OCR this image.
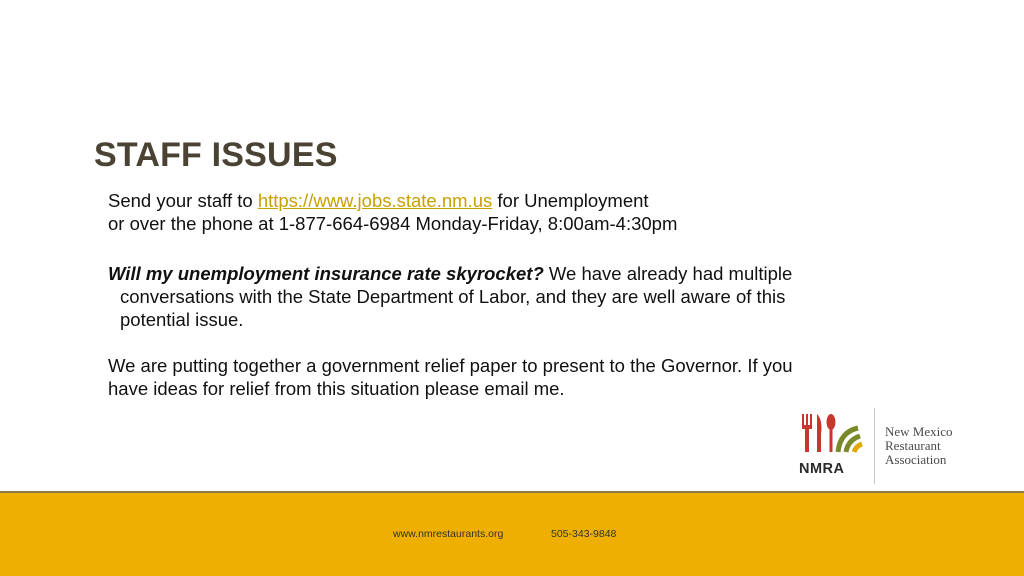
STAFF ISSUES
Send your staff to https://www.jobs.state.nm.us for Unemployment
or over the phone at 1-877-664-6984 Monday-Friday, 8:00am-4:30pm
Will my unemployment insurance rate skyrocket? We have already had multiple
conversations with the State Department of Labor, and they are well aware of this
potential issue.
We are putting together a government relief paper to present to the Governor. If you
have ideas for relief from this situation please email me.
NMRA
New Mexico
Restaurant
Association
www.nmrestaurants.org	505-343-9848
